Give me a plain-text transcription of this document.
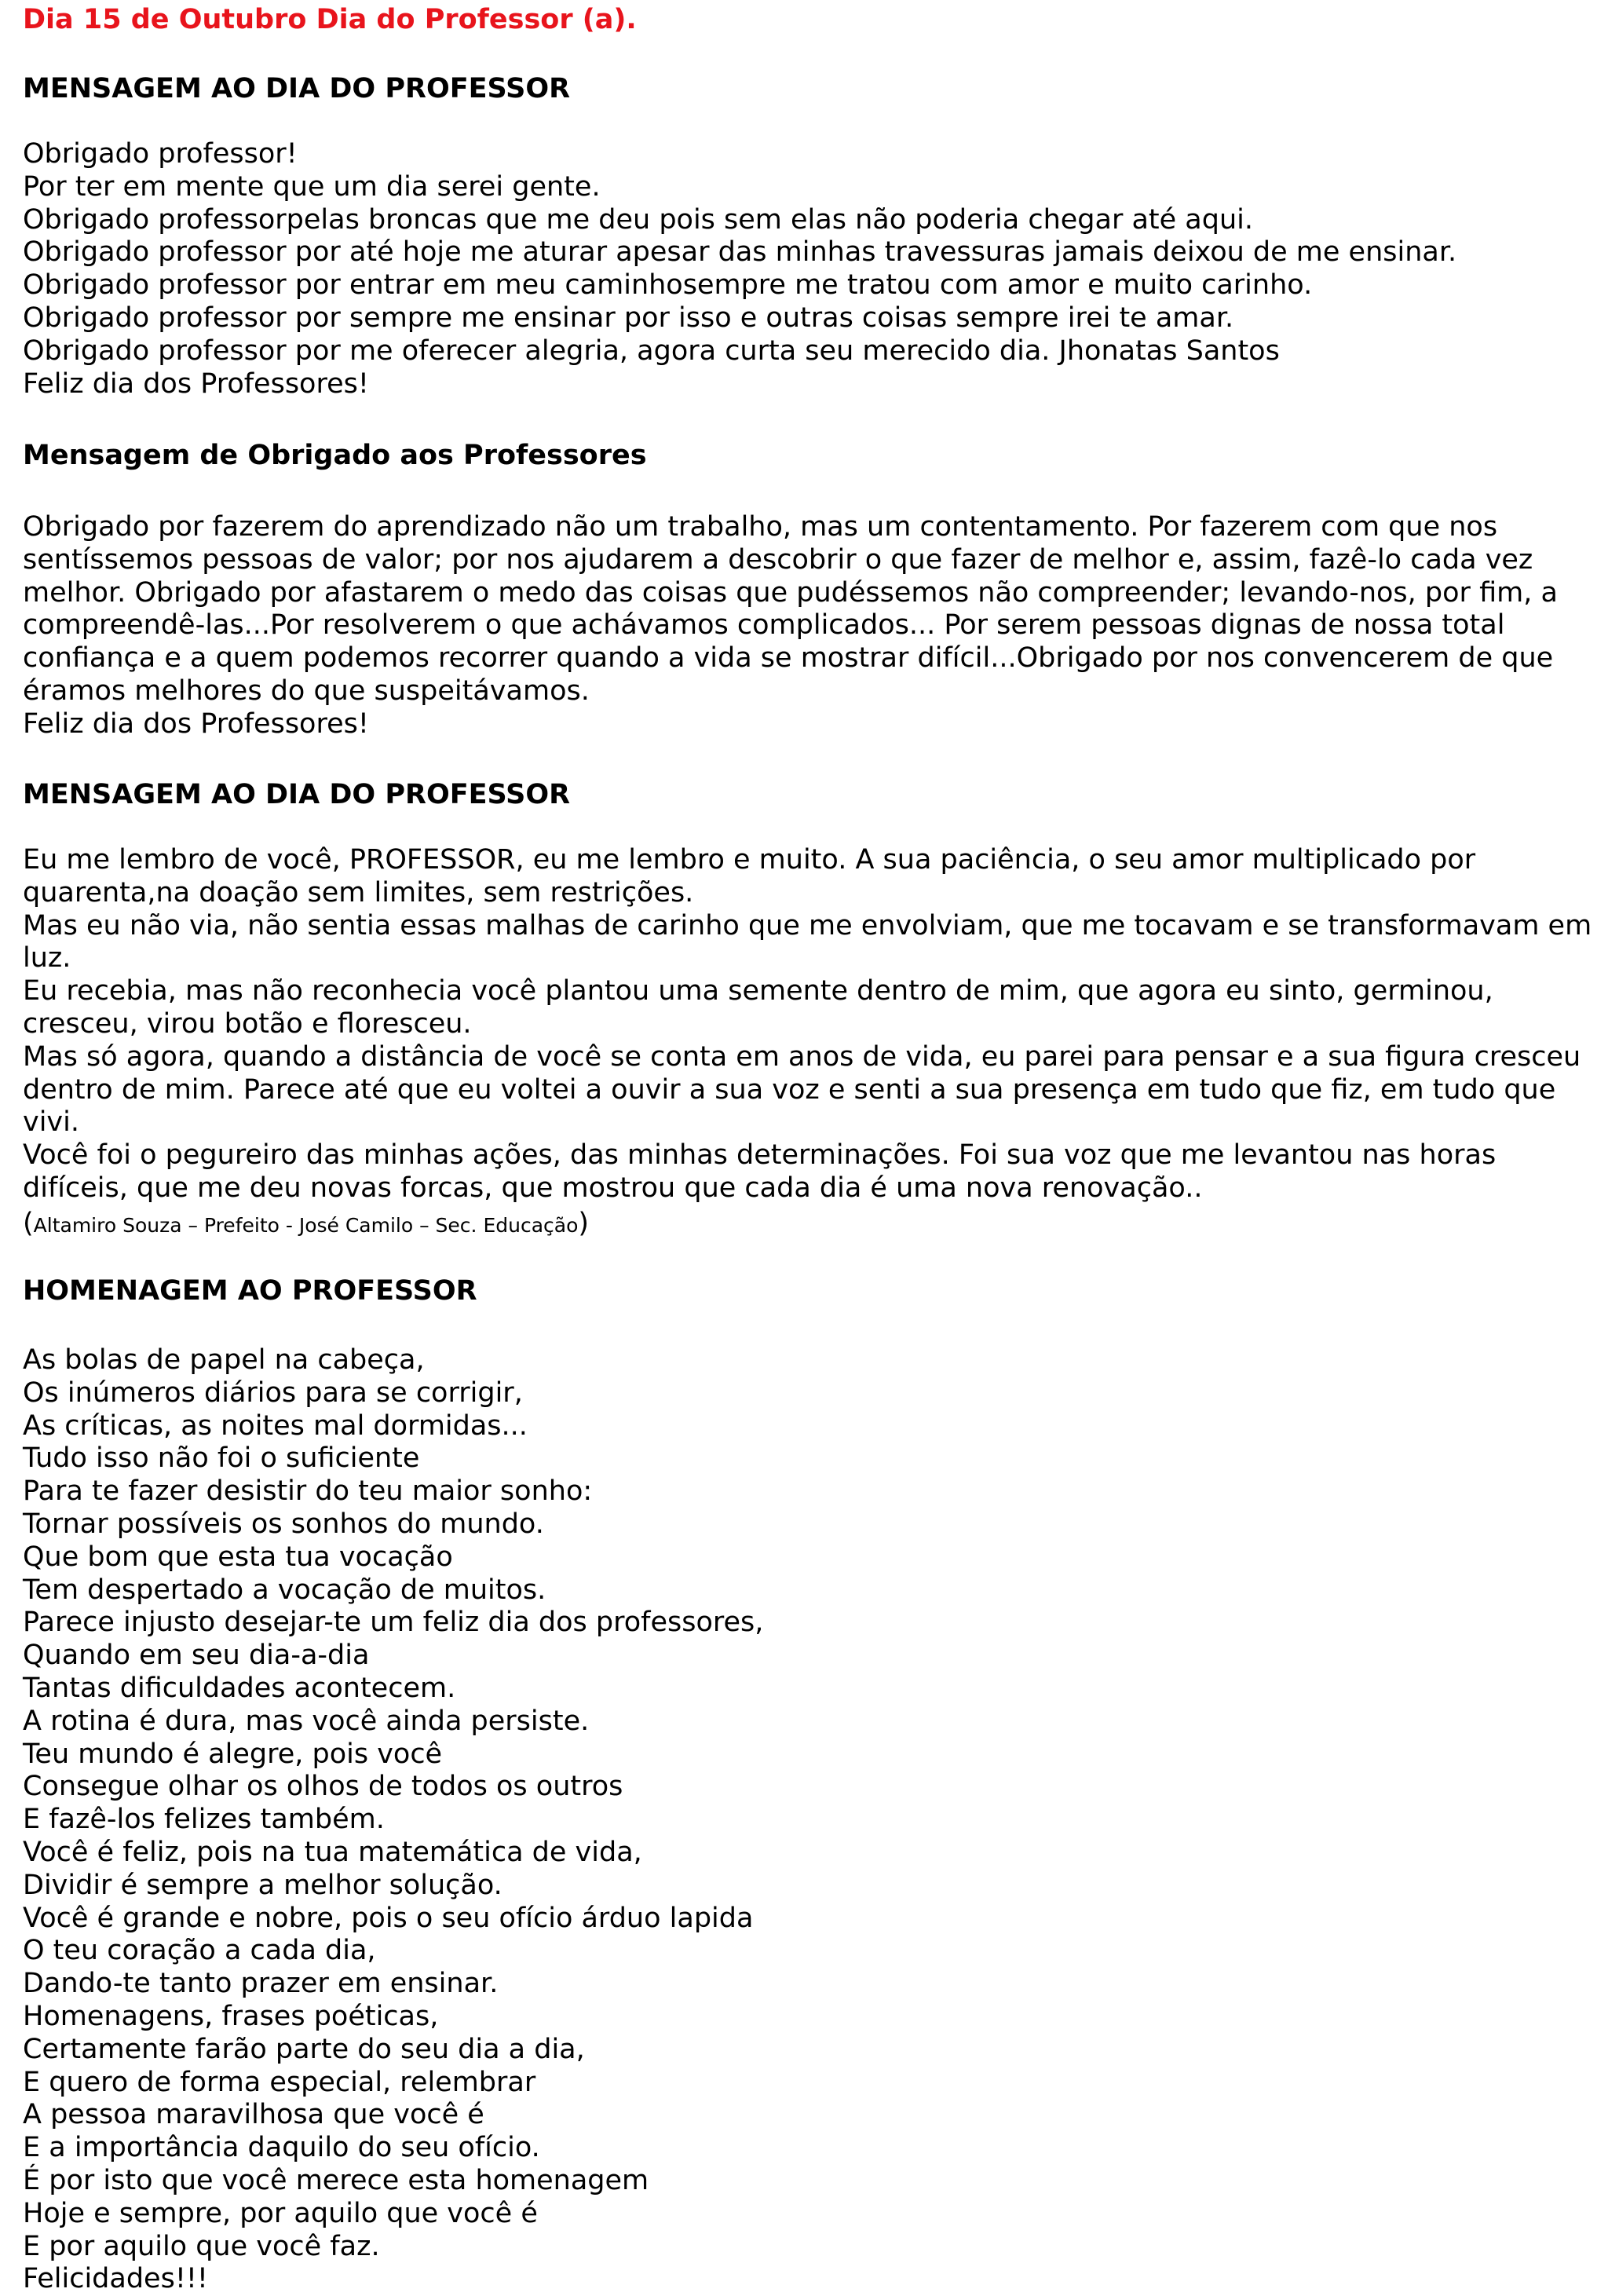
Dia 15 de Outubro Dia do Professor (a).
MENSAGEM AO DIA DO PROFESSOR
Obrigado professor!
Por ter em mente que um dia serei gente.
Obrigado professorpelas broncas que me deu pois sem elas não poderia chegar até aqui.
Obrigado professor por até hoje me aturar apesar das minhas travessuras jamais deixou de me ensinar.
Obrigado professor por entrar em meu caminhosempre me tratou com amor e muito carinho.
Obrigado professor por sempre me ensinar por isso e outras coisas sempre irei te amar.
Obrigado professor por me oferecer alegria, agora curta seu merecido dia. Jhonatas Santos
Feliz dia dos Professores!
Mensagem de Obrigado aos Professores
Obrigado por fazerem do aprendizado não um trabalho, mas um contentamento. Por fazerem com que nos
sentíssemos pessoas de valor; por nos ajudarem a descobrir o que fazer de melhor e, assim, fazê-lo cada vez
melhor. Obrigado por afastarem o medo das coisas que pudéssemos não compreender; levando-nos, por fim, a
compreendê-las...Por resolverem o que achávamos complicados... Por serem pessoas dignas de nossa total
confiança e a quem podemos recorrer quando a vida se mostrar difícil...Obrigado por nos convencerem de que
éramos melhores do que suspeitávamos.
Feliz dia dos Professores!
MENSAGEM AO DIA DO PROFESSOR
Eu me lembro de você, PROFESSOR, eu me lembro e muito. A sua paciência, o seu amor multiplicado por
quarenta,na doação sem limites, sem restrições.
Mas eu não via, não sentia essas malhas de carinho que me envolviam, que me tocavam e se transformavam em
luz.
Eu recebia, mas não reconhecia você plantou uma semente dentro de mim, que agora eu sinto, germinou,
cresceu, virou botão e floresceu.
Mas só agora, quando a distância de você se conta em anos de vida, eu parei para pensar e a sua figura cresceu
dentro de mim. Parece até que eu voltei a ouvir a sua voz e senti a sua presença em tudo que fiz, em tudo que
vivi.
Você foi o pegureiro das minhas ações, das minhas determinações. Foi sua voz que me levantou nas horas
difíceis, que me deu novas forcas, que mostrou que cada dia é uma nova renovação..

(Altamiro Souza – Prefeito - José Camilo – Sec. Educação)

HOMENAGEM AO PROFESSOR
As bolas de papel na cabeça,
Os inúmeros diários para se corrigir,
As críticas, as noites mal dormidas...
Tudo isso não foi o suficiente
Para te fazer desistir do teu maior sonho:
Tornar possíveis os sonhos do mundo.
Que bom que esta tua vocação
Tem despertado a vocação de muitos.
Parece injusto desejar-te um feliz dia dos professores,
Quando em seu dia-a-dia
Tantas dificuldades acontecem.
A rotina é dura, mas você ainda persiste.
Teu mundo é alegre, pois você
Consegue olhar os olhos de todos os outros
E fazê-los felizes também.
Você é feliz, pois na tua matemática de vida,
Dividir é sempre a melhor solução.
Você é grande e nobre, pois o seu ofício árduo lapida
O teu coração a cada dia,
Dando-te tanto prazer em ensinar.
Homenagens, frases poéticas,
Certamente farão parte do seu dia a dia,
E quero de forma especial, relembrar
A pessoa maravilhosa que você é
E a importância daquilo do seu ofício.
É por isto que você merece esta homenagem
Hoje e sempre, por aquilo que você é
E por aquilo que você faz.
Felicidades!!!
